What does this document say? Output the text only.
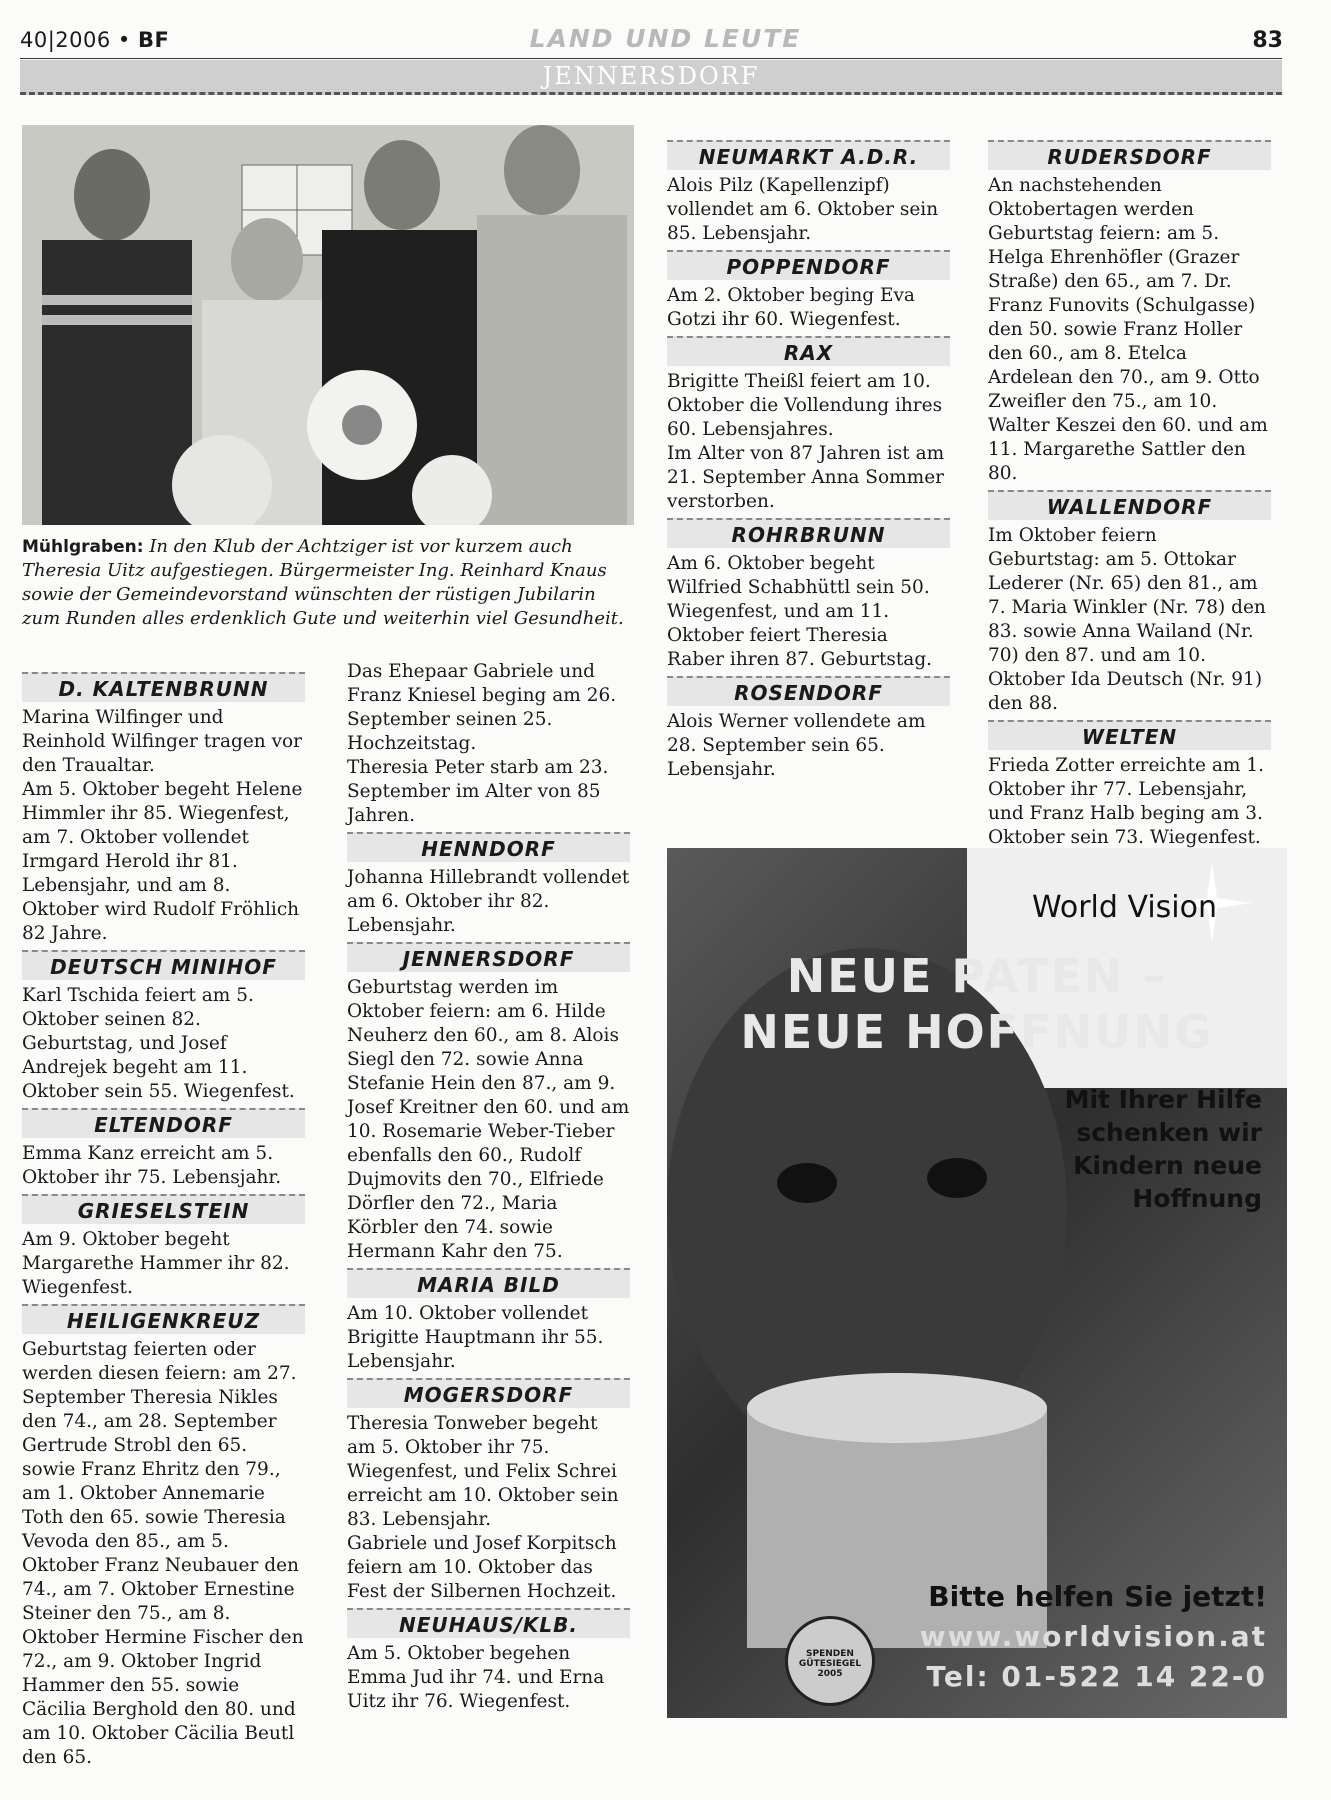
40|2006 • BF	LAND UND LEUTE	83
JENNERSDORF
Mühlgraben: In den Klub der Achtziger ist vor kurzem auch Theresia Uitz aufgestiegen. Bürgermeister Ing. Reinhard Knaus sowie der Gemeindevorstand wünschten der rüstigen Jubilarin zum Runden alles erdenklich Gute und weiterhin viel Gesundheit.
D. KALTENBRUNN
Marina Wilfinger und Reinhold Wilfinger tragen vor den Traualtar.
Am 5. Oktober begeht Helene Himmler ihr 85. Wiegenfest, am 7. Oktober vollendet Irmgard Herold ihr 81. Lebensjahr, und am 8. Oktober wird Rudolf Fröhlich 82 Jahre.
DEUTSCH MINIHOF
Karl Tschida feiert am 5. Oktober seinen 82. Geburtstag, und Josef Andrejek begeht am 11. Oktober sein 55. Wiegenfest.
ELTENDORF
Emma Kanz erreicht am 5. Oktober ihr 75. Lebensjahr.
GRIESELSTEIN
Am 9. Oktober begeht Margarethe Hammer ihr 82. Wiegenfest.
HEILIGENKREUZ
Geburtstag feierten oder werden diesen feiern: am 27. September Theresia Nikles den 74., am 28. September Gertrude Strobl den 65. sowie Franz Ehritz den 79., am 1. Oktober Annemarie Toth den 65. sowie Theresia Vevoda den 85., am 5. Oktober Franz Neubauer den 74., am 7. Oktober Ernestine Steiner den 75., am 8. Oktober Hermine Fischer den 72., am 9. Oktober Ingrid Hammer den 55. sowie Cäcilia Berghold den 80. und am 10. Oktober Cäcilia Beutl den 65.
Das Ehepaar Gabriele und Franz Kniesel beging am 26. September seinen 25. Hochzeitstag.
Theresia Peter starb am 23. September im Alter von 85 Jahren.
HENNDORF
Johanna Hillebrandt vollendet am 6. Oktober ihr 82. Lebensjahr.
JENNERSDORF
Geburtstag werden im Oktober feiern: am 6. Hilde Neuherz den 60., am 8. Alois Siegl den 72. sowie Anna Stefanie Hein den 87., am 9. Josef Kreitner den 60. und am 10. Rosemarie Weber-Tieber ebenfalls den 60., Rudolf Dujmovits den 70., Elfriede Dörfler den 72., Maria Körbler den 74. sowie Hermann Kahr den 75.
MARIA BILD
Am 10. Oktober vollendet Brigitte Hauptmann ihr 55. Lebensjahr.
MOGERSDORF
Theresia Tonweber begeht am 5. Oktober ihr 75. Wiegenfest, und Felix Schrei erreicht am 10. Oktober sein 83. Lebensjahr.
Gabriele und Josef Korpitsch feiern am 10. Oktober das Fest der Silbernen Hochzeit.
NEUHAUS/KLB.
Am 5. Oktober begehen Emma Jud ihr 74. und Erna Uitz ihr 76. Wiegenfest.
NEUMARKT A.D.R.
Alois Pilz (Kapellenzipf) vollendet am 6. Oktober sein 85. Lebensjahr.
POPPENDORF
Am 2. Oktober beging Eva Gotzi ihr 60. Wiegenfest.
RAX
Brigitte Theißl feiert am 10. Oktober die Vollendung ihres 60. Lebensjahres.
Im Alter von 87 Jahren ist am 21. September Anna Sommer verstorben.
ROHRBRUNN
Am 6. Oktober begeht Wilfried Schabhüttl sein 50. Wiegenfest, und am 11. Oktober feiert Theresia Raber ihren 87. Geburtstag.
ROSENDORF
Alois Werner vollendete am 28. September sein 65. Lebensjahr.
RUDERSDORF
An nachstehenden Oktobertagen werden Geburtstag feiern: am 5. Helga Ehrenhöfler (Grazer Straße) den 65., am 7. Dr. Franz Funovits (Schulgasse) den 50. sowie Franz Holler den 60., am 8. Etelca Ardelean den 70., am 9. Otto Zweifler den 75., am 10. Walter Keszei den 60. und am 11. Margarethe Sattler den 80.
WALLENDORF
Im Oktober feiern Geburtstag: am 5. Ottokar Lederer (Nr. 65) den 81., am 7. Maria Winkler (Nr. 78) den 83. sowie Anna Wailand (Nr. 70) den 87. und am 10. Oktober Ida Deutsch (Nr. 91) den 88.
WELTEN
Frieda Zotter erreichte am 1. Oktober ihr 77. Lebensjahr, und Franz Halb beging am 3. Oktober sein 73. Wiegenfest.
World Vision
NEUE PATEN –
NEUE HOFFNUNG
Mit Ihrer Hilfe schenken wir Kindern neue Hoffnung
Bitte helfen Sie jetzt!
www.worldvision.at
Tel: 01-522 14 22-0
SPENDEN GÜTESIEGEL 2005
